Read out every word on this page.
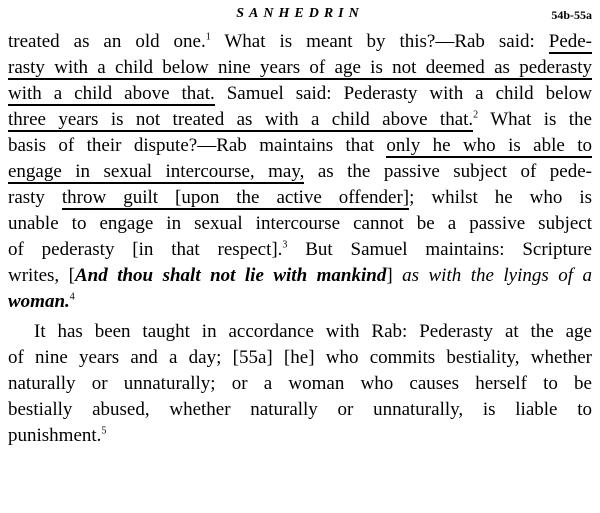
SANHEDRIN	54b-55a
treated as an old one.$^1$ What is meant by this?—Rab said: Pede-
rasty with a child below nine years of age is not deemed as pederasty
with a child above that. Samuel said: Pederasty with a child below
three years is not treated as with a child above that.$^2$ What is the
basis of their dispute?—Rab maintains that only he who is able to
engage in sexual intercourse, may, as the passive subject of pede-
rasty throw guilt [upon the active offender]; whilst he who is
unable to engage in sexual intercourse cannot be a passive subject
of pederasty [in that respect].$^3$ But Samuel maintains: Scripture
writes, [And thou shalt not lie with mankind] as with the lyings of a
woman.$^4$
It has been taught in accordance with Rab: Pederasty at the age
of nine years and a day; [55a] [he] who commits bestiality, whether
naturally or unnaturally; or a woman who causes herself to be
bestially abused, whether naturally or unnaturally, is liable to
punishment.$^5$
